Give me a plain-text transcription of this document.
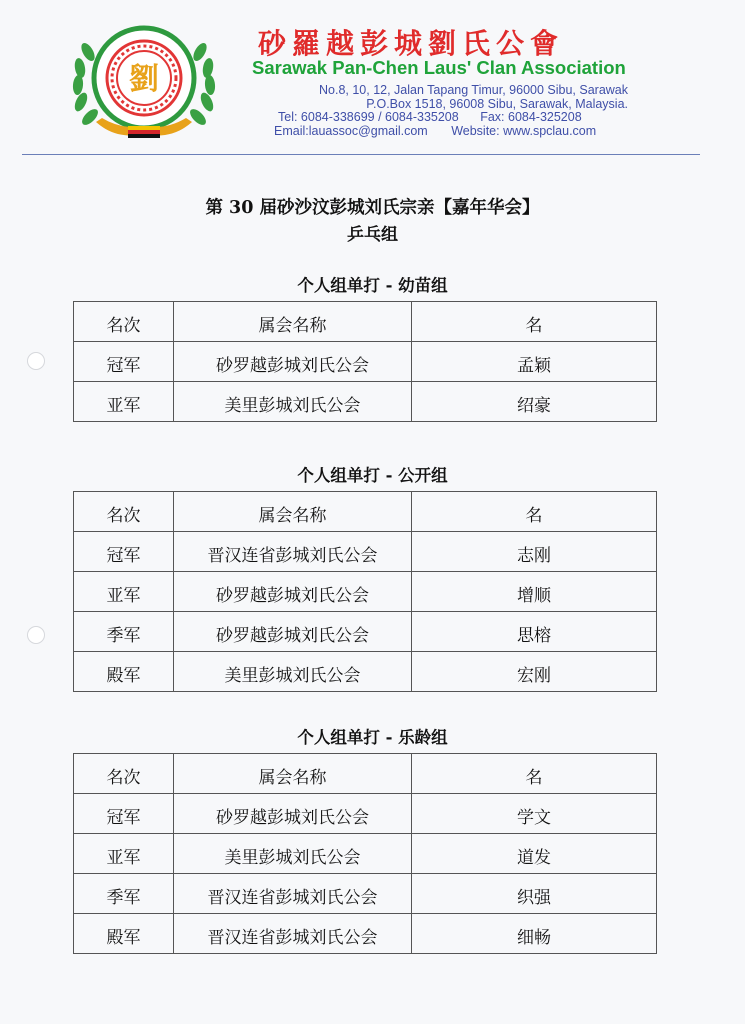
劉
砂羅越彭城劉氏公會
Sarawak Pan-Chen Laus' Clan Association
No.8, 10, 12, Jalan Tapang Timur, 96000 Sibu, Sarawak
P.O.Box 1518, 96008 Sibu, Sarawak, Malaysia.
Tel: 6084-338699 / 6084-335208 Fax: 6084-325208
Email:lauassoc@gmail.com Website: www.spclau.com
第 30 届砂沙汶彭城刘氏宗亲【嘉年华会】
乒乓组
个人组单打 - 幼苗组
名次	属会名称	名
冠军	砂罗越彭城刘氏公会	孟颖
亚军	美里彭城刘氏公会	绍豪
个人组单打 - 公开组
名次	属会名称	名
冠军	晋汉连省彭城刘氏公会	志刚
亚军	砂罗越彭城刘氏公会	增顺
季军	砂罗越彭城刘氏公会	思榕
殿军	美里彭城刘氏公会	宏刚
个人组单打 - 乐龄组
名次	属会名称	名
冠军	砂罗越彭城刘氏公会	学文
亚军	美里彭城刘氏公会	道发
季军	晋汉连省彭城刘氏公会	织强
殿军	晋汉连省彭城刘氏公会	细畅
